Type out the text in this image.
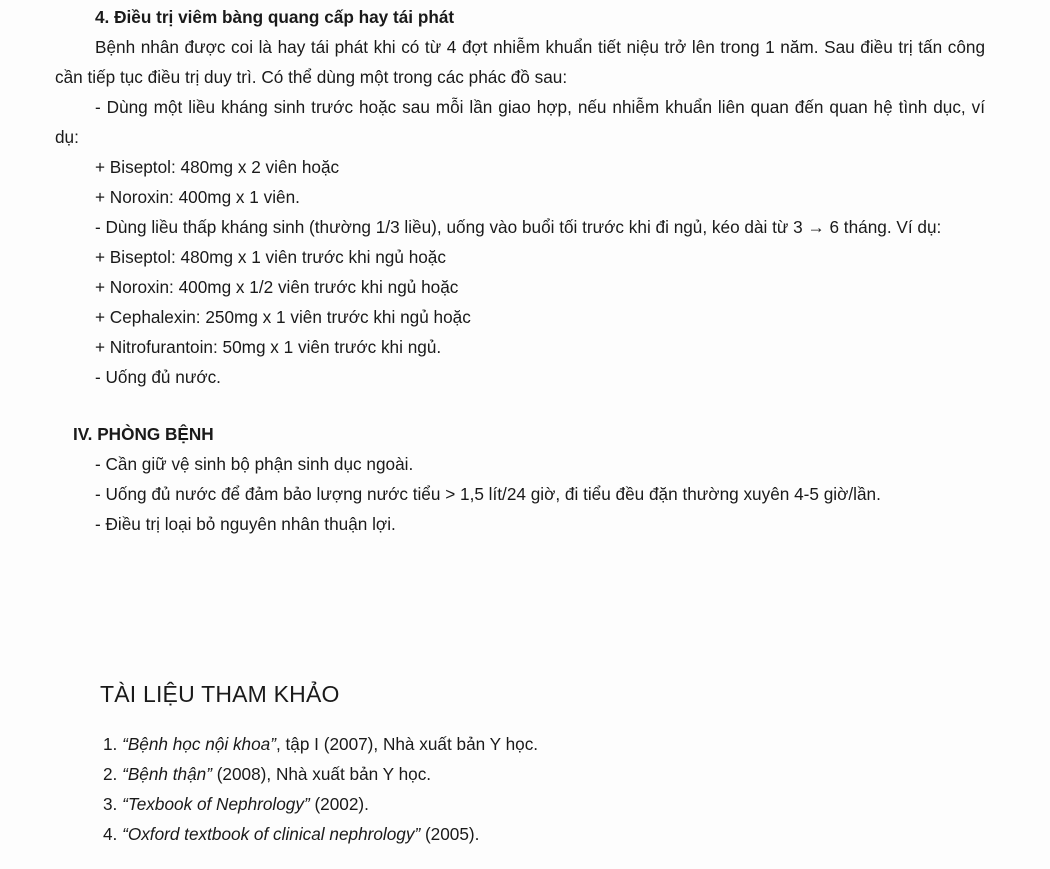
4. Điều trị viêm bàng quang cấp hay tái phát

Bệnh nhân được coi là hay tái phát khi có từ 4 đợt nhiễm khuẩn tiết niệu trở lên trong 1 năm. Sau điều trị tấn công cần tiếp tục điều trị duy trì. Có thể dùng một trong các phác đồ sau:

- Dùng một liều kháng sinh trước hoặc sau mỗi lần giao hợp, nếu nhiễm khuẩn liên quan đến quan hệ tình dục, ví dụ:

+ Biseptol: 480mg x 2 viên hoặc

+ Noroxin: 400mg x 1 viên.

- Dùng liều thấp kháng sinh (thường 1/3 liều), uống vào buổi tối trước khi đi ngủ, kéo dài từ 3 → 6 tháng. Ví dụ:

+ Biseptol: 480mg x 1 viên trước khi ngủ hoặc

+ Noroxin: 400mg x 1/2 viên trước khi ngủ hoặc

+ Cephalexin: 250mg x 1 viên trước khi ngủ hoặc

+ Nitrofurantoin: 50mg x 1 viên trước khi ngủ.

- Uống đủ nước.

IV. PHÒNG BỆNH

- Cần giữ vệ sinh bộ phận sinh dục ngoài.

- Uống đủ nước để đảm bảo lượng nước tiểu > 1,5 lít/24 giờ, đi tiểu đều đặn thường xuyên 4-5 giờ/lần.

- Điều trị loại bỏ nguyên nhân thuận lợi.

TÀI LIỆU THAM KHẢO
1. “Bệnh học nội khoa”, tập I (2007), Nhà xuất bản Y học.
2. “Bệnh thận” (2008), Nhà xuất bản Y học.
3. “Texbook of Nephrology” (2002).
4. “Oxford textbook of clinical nephrology” (2005).
